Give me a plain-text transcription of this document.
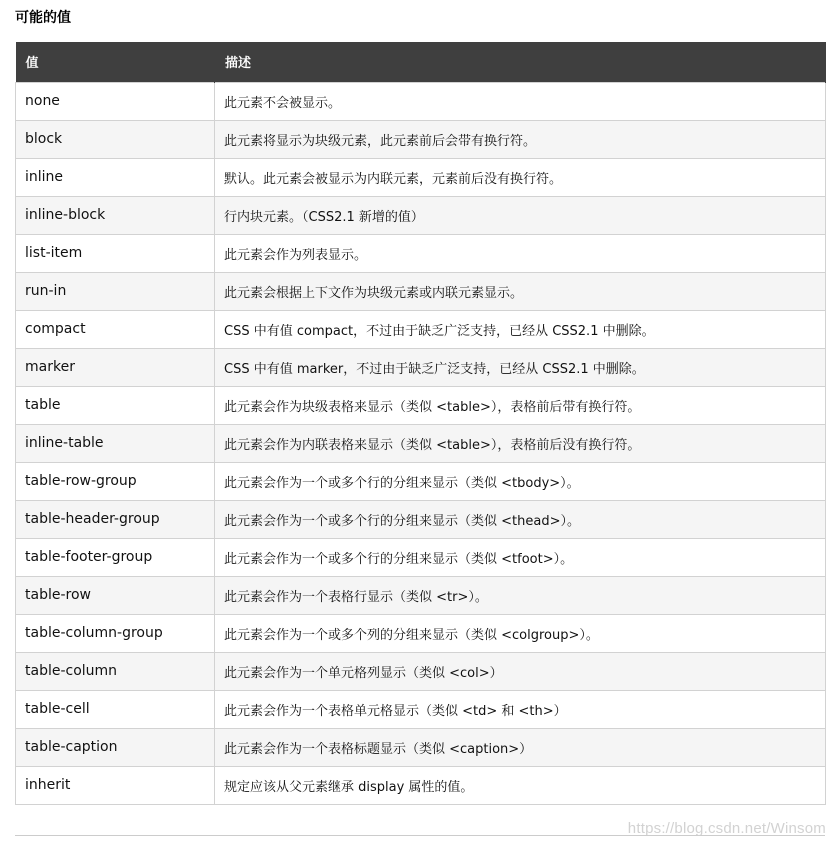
可能的值
值	描述
none	此元素不会被显示。
block	此元素将显示为块级元素，此元素前后会带有换行符。
inline	默认。此元素会被显示为内联元素，元素前后没有换行符。
inline-block	行内块元素。（CSS2.1 新增的值）
list-item	此元素会作为列表显示。
run-in	此元素会根据上下文作为块级元素或内联元素显示。
compact	CSS 中有值 compact，不过由于缺乏广泛支持，已经从 CSS2.1 中删除。
marker	CSS 中有值 marker，不过由于缺乏广泛支持，已经从 CSS2.1 中删除。
table	此元素会作为块级表格来显示（类似 <table>），表格前后带有换行符。
inline-table	此元素会作为内联表格来显示（类似 <table>），表格前后没有换行符。
table-row-group	此元素会作为一个或多个行的分组来显示（类似 <tbody>）。
table-header-group	此元素会作为一个或多个行的分组来显示（类似 <thead>）。
table-footer-group	此元素会作为一个或多个行的分组来显示（类似 <tfoot>）。
table-row	此元素会作为一个表格行显示（类似 <tr>）。
table-column-group	此元素会作为一个或多个列的分组来显示（类似 <colgroup>）。
table-column	此元素会作为一个单元格列显示（类似 <col>）
table-cell	此元素会作为一个表格单元格显示（类似 <td> 和 <th>）
table-caption	此元素会作为一个表格标题显示（类似 <caption>）
inherit	规定应该从父元素继承 display 属性的值。
https://blog.csdn.net/Winsom
